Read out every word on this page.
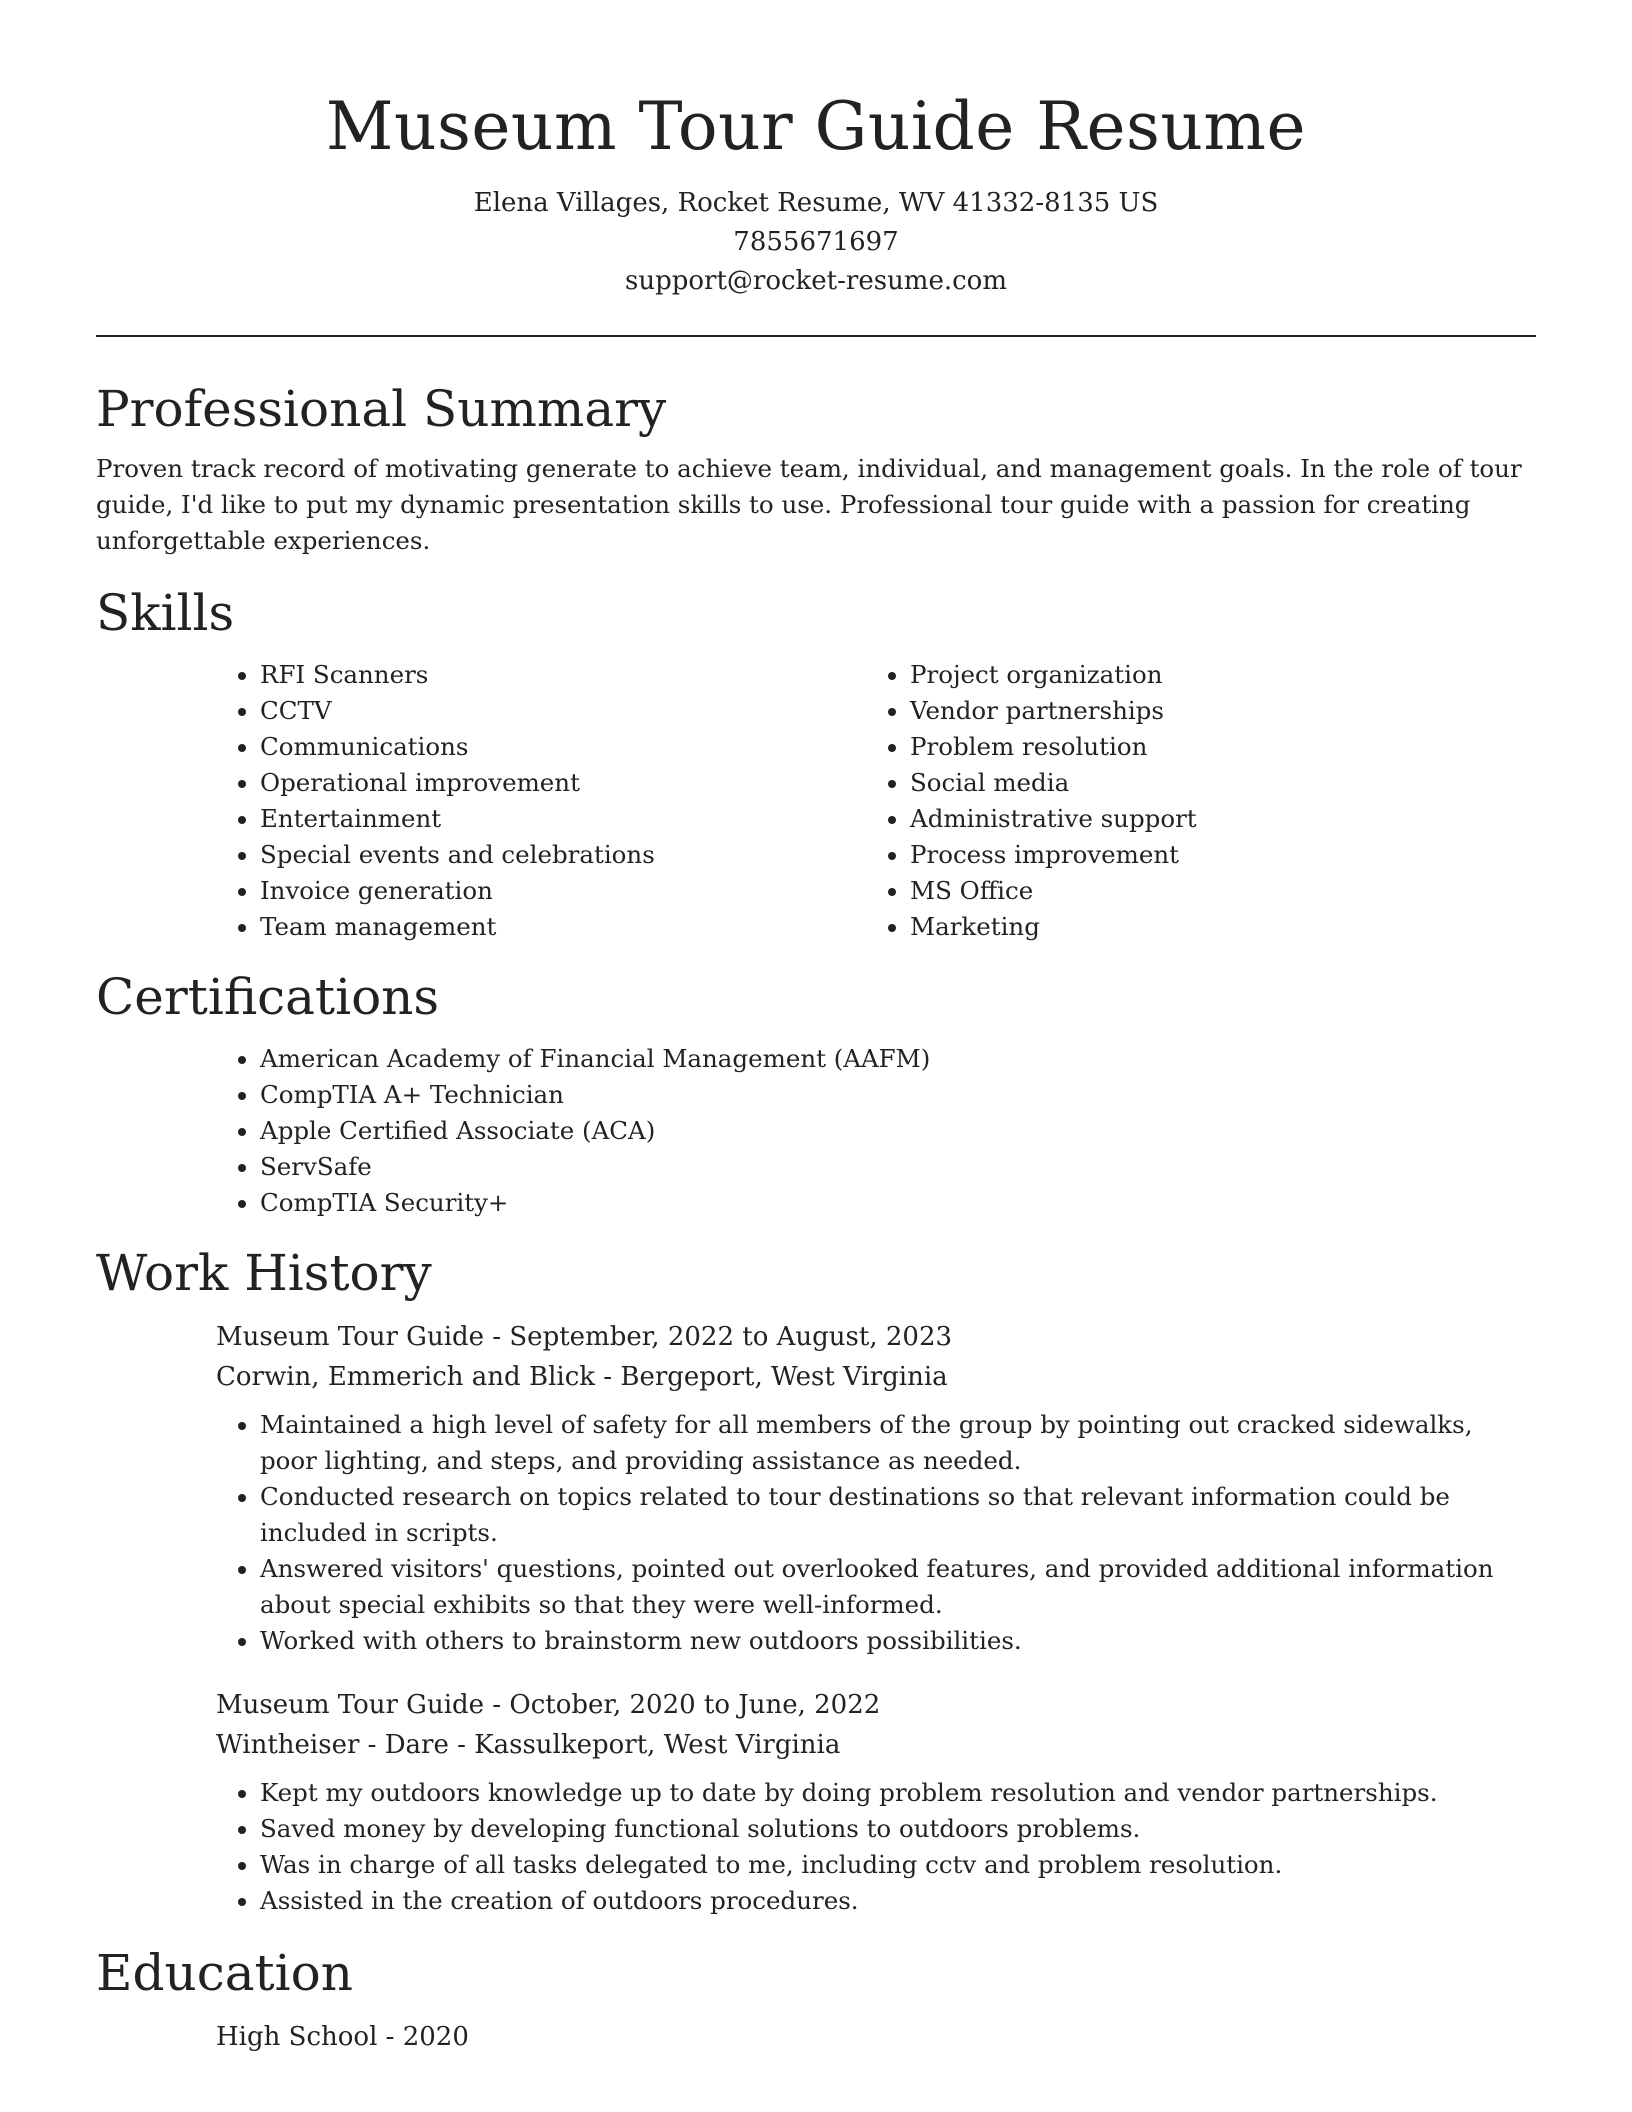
Museum Tour Guide Resume
Elena Villages, Rocket Resume, WV 41332-8135 US
7855671697
support@rocket-resume.com
Professional Summary

Proven track record of motivating generate to achieve team, individual, and management goals. In the role of tour guide, I'd like to put my dynamic presentation skills to use. Professional tour guide with a passion for creating unforgettable experiences.

Skills
• RFI Scanners
• CCTV
• Communications
• Operational improvement
• Entertainment
• Special events and celebrations
• Invoice generation
• Team management
• Project organization
• Vendor partnerships
• Problem resolution
• Social media
• Administrative support
• Process improvement
• MS Office
• Marketing
Certifications
• American Academy of Financial Management (AAFM)
• CompTIA A+ Technician
• Apple Certified Associate (ACA)
• ServSafe
• CompTIA Security+
Work History
Museum Tour Guide - September, 2022 to August, 2023
Corwin, Emmerich and Blick - Bergeport, West Virginia
• Maintained a high level of safety for all members of the group by pointing out cracked sidewalks, poor lighting, and steps, and providing assistance as needed.
• Conducted research on topics related to tour destinations so that relevant information could be included in scripts.
• Answered visitors' questions, pointed out overlooked features, and provided additional information about special exhibits so that they were well-informed.
• Worked with others to brainstorm new outdoors possibilities.
Museum Tour Guide - October, 2020 to June, 2022
Wintheiser - Dare - Kassulkeport, West Virginia
• Kept my outdoors knowledge up to date by doing problem resolution and vendor partnerships.
• Saved money by developing functional solutions to outdoors problems.
• Was in charge of all tasks delegated to me, including cctv and problem resolution.
• Assisted in the creation of outdoors procedures.
Education
High School - 2020
